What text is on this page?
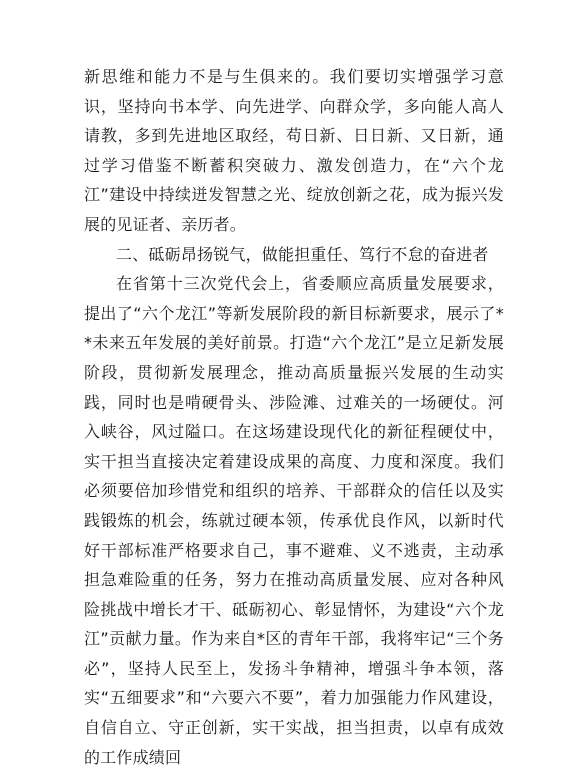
新思维和能力不是与生俱来的。我们要切实增强学习意识，坚持向书本学、向先进学、向群众学，多向能人高人请教，多到先进地区取经，苟日新、日日新、又日新，通过学习借鉴不断蓄积突破力、激发创造力，在“六个龙江”建设中持续迸发智慧之光、绽放创新之花，成为振兴发展的见证者、亲历者。

二、砥砺昂扬锐气，做能担重任、笃行不怠的奋进者

在省第十三次党代会上，省委顺应高质量发展要求，提出了“六个龙江”等新发展阶段的新目标新要求，展示了**未来五年发展的美好前景。打造“六个龙江”是立足新发展阶段，贯彻新发展理念，推动高质量振兴发展的生动实践，同时也是啃硬骨头、涉险滩、过难关的一场硬仗。河入峡谷，风过隘口。在这场建设现代化的新征程硬仗中，实干担当直接决定着建设成果的高度、力度和深度。我们必须要倍加珍惜党和组织的培养、干部群众的信任以及实践锻炼的机会，练就过硬本领，传承优良作风，以新时代好干部标准严格要求自己，事不避难、义不逃责，主动承担急难险重的任务，努力在推动高质量发展、应对各种风险挑战中增长才干、砥砺初心、彰显情怀，为建设“六个龙江”贡献力量。作为来自*区的青年干部，我将牢记“三个务必”，坚持人民至上，发扬斗争精神，增强斗争本领，落实“五细要求”和“六要六不要”，着力加强能力作风建设，自信自立、守正创新，实干实战，担当担责，以卓有成效的工作成绩回
